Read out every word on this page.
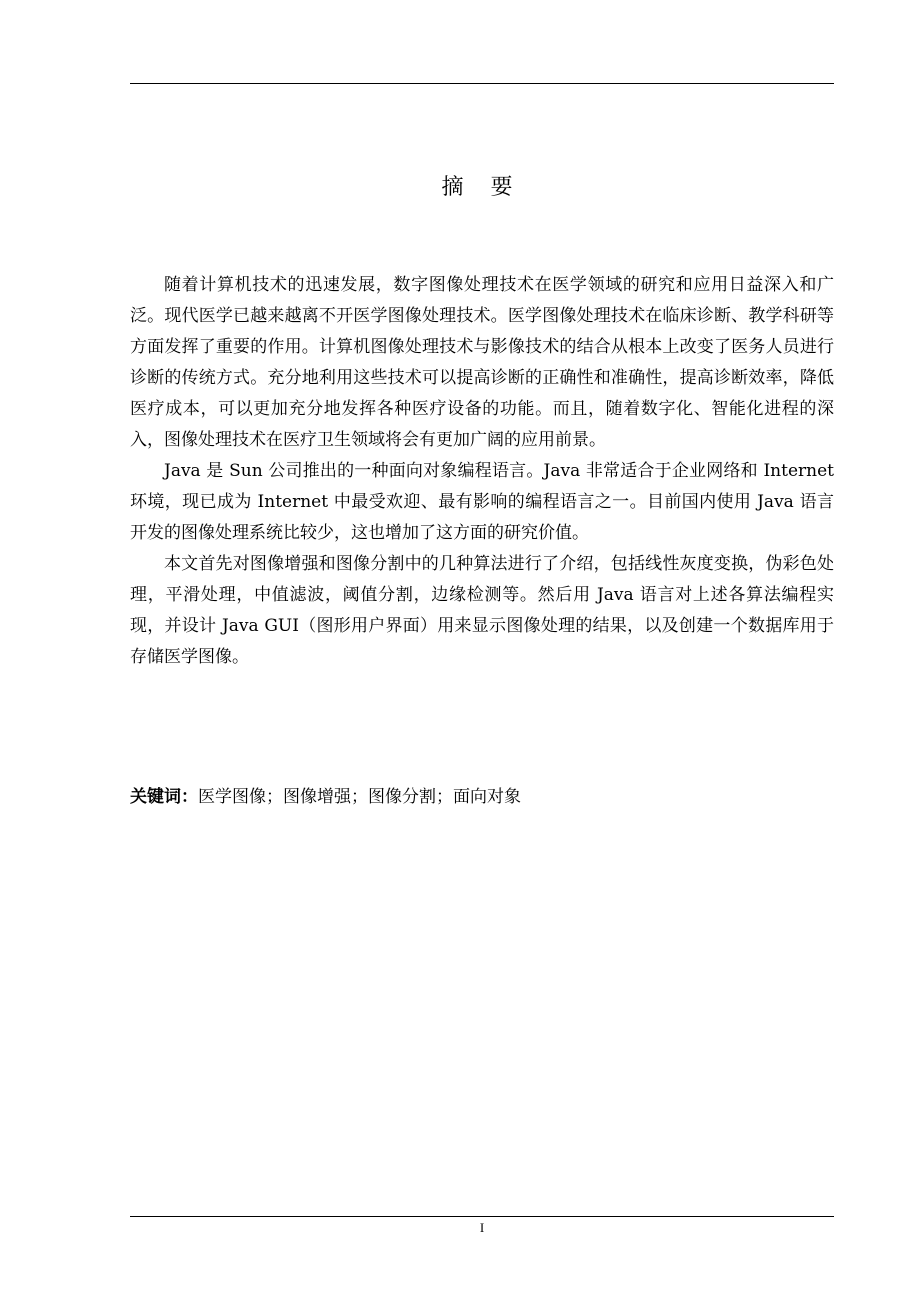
摘 要

随着计算机技术的迅速发展，数字图像处理技术在医学领域的研究和应用日益深入和广泛。现代医学已越来越离不开医学图像处理技术。医学图像处理技术在临床诊断、教学科研等方面发挥了重要的作用。计算机图像处理技术与影像技术的结合从根本上改变了医务人员进行诊断的传统方式。充分地利用这些技术可以提高诊断的正确性和准确性，提高诊断效率，降低医疗成本，可以更加充分地发挥各种医疗设备的功能。而且，随着数字化、智能化进程的深入，图像处理技术在医疗卫生领域将会有更加广阔的应用前景。

Java 是 Sun 公司推出的一种面向对象编程语言。Java 非常适合于企业网络和 Internet 环境，现已成为 Internet 中最受欢迎、最有影响的编程语言之一。目前国内使用 Java 语言开发的图像处理系统比较少，这也增加了这方面的研究价值。

本文首先对图像增强和图像分割中的几种算法进行了介绍，包括线性灰度变换，伪彩色处理，平滑处理，中值滤波，阈值分割，边缘检测等。然后用 Java 语言对上述各算法编程实现，并设计 Java GUI（图形用户界面）用来显示图像处理的结果，以及创建一个数据库用于存储医学图像。

关键词：医学图像；图像增强；图像分割；面向对象
I
